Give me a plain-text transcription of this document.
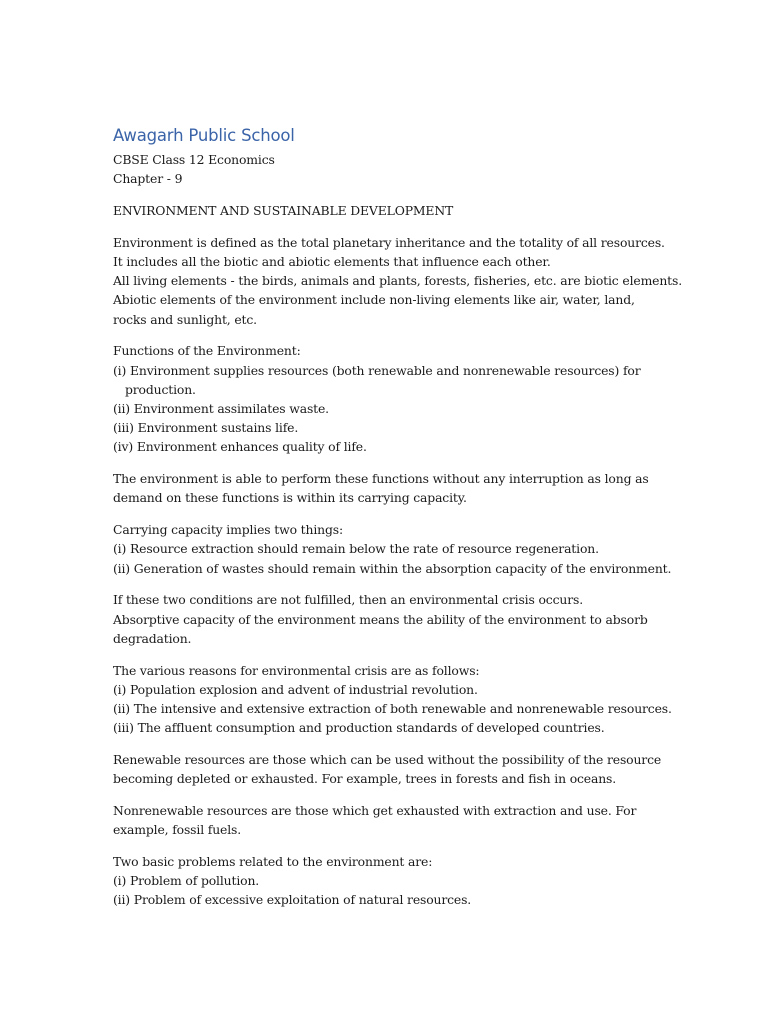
Awagarh Public School
CBSE Class 12 Economics
Chapter - 9
ENVIRONMENT AND SUSTAINABLE DEVELOPMENT
Environment is defined as the total planetary inheritance and the totality of all resources.
It includes all the biotic and abiotic elements that influence each other.
All living elements - the birds, animals and plants, forests, fisheries, etc. are biotic elements.
Abiotic elements of the environment include non-living elements like air, water, land,
rocks and sunlight, etc.
Functions of the Environment:
(i) Environment supplies resources (both renewable and nonrenewable resources) for
production.
(ii) Environment assimilates waste.
(iii) Environment sustains life.
(iv) Environment enhances quality of life.
The environment is able to perform these functions without any interruption as long as
demand on these functions is within its carrying capacity.
Carrying capacity implies two things:
(i) Resource extraction should remain below the rate of resource regeneration.
(ii) Generation of wastes should remain within the absorption capacity of the environment.
If these two conditions are not fulfilled, then an environmental crisis occurs.
Absorptive capacity of the environment means the ability of the environment to absorb
degradation.
The various reasons for environmental crisis are as follows:
(i) Population explosion and advent of industrial revolution.
(ii) The intensive and extensive extraction of both renewable and nonrenewable resources.
(iii) The affluent consumption and production standards of developed countries.
Renewable resources are those which can be used without the possibility of the resource
becoming depleted or exhausted. For example, trees in forests and fish in oceans.
Nonrenewable resources are those which get exhausted with extraction and use. For
example, fossil fuels.
Two basic problems related to the environment are:
(i) Problem of pollution.
(ii) Problem of excessive exploitation of natural resources.
